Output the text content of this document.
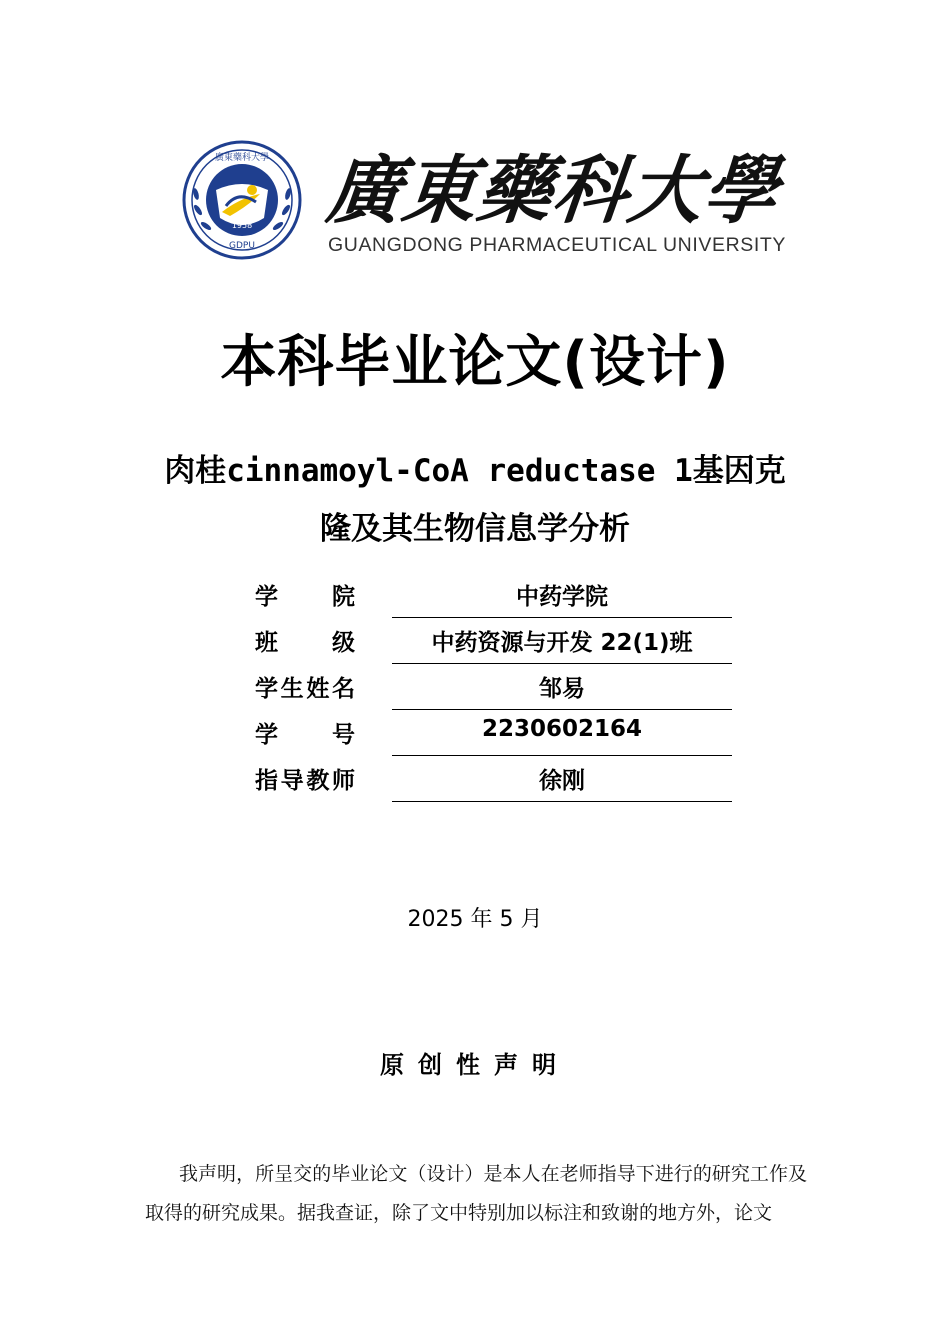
1958
GDPU
廣東藥科大學 廣
東
藥
科
大
學
GUANGDONG PHARMACEUTICAL UNIVERSITY
本科毕业论文(设计)
肉桂cinnamoyl-CoA reductase 1基因克
隆及其生物信息学分析
学 院	中药学院
班 级	中药资源与开发 22(1)班
学 生 姓 名	邹易
学 号	2230602164
指 导 教 师	徐刚
2025 年 5 月
原创性声明
我声明，所呈交的毕业论文（设计）是本人在老师指导下进行的研究工作及取得的研究成果。据我查证，除了文中特别加以标注和致谢的地方外，论文
